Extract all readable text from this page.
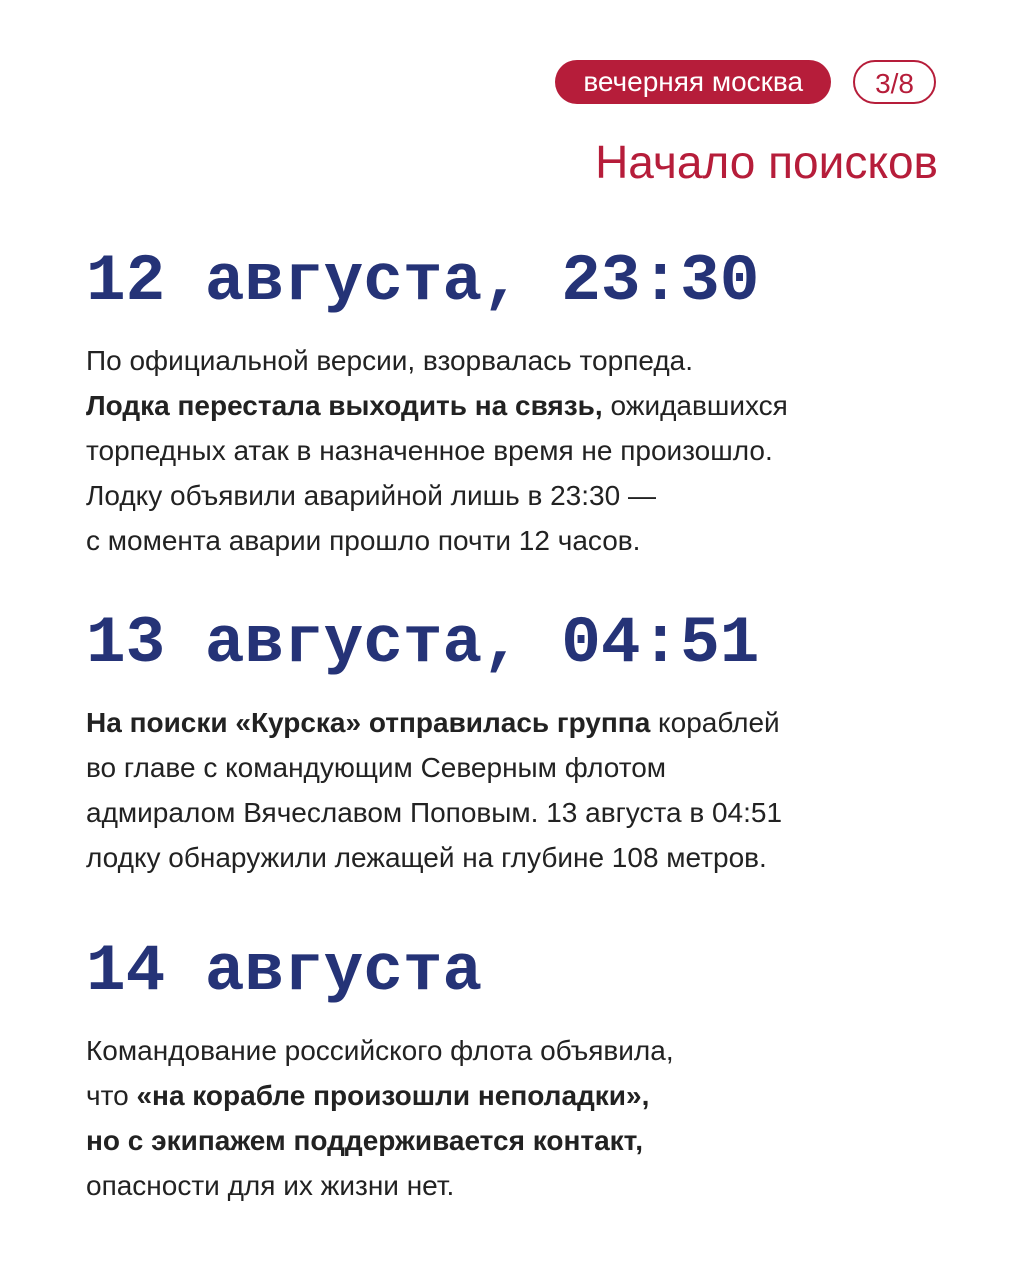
вечерняя москва	3/8
Начало поисков
12 августа, 23:30

По официальной версии, взорвалась торпеда.
Лодка перестала выходить на связь, ожидавшихся
торпедных атак в назначенное время не произошло.
Лодку объявили аварийной лишь в 23:30 —
с момента аварии прошло почти 12 часов.

13 августа, 04:51

На поиски «Курска» отправилась группа кораблей
во главе с командующим Северным флотом
адмиралом Вячеславом Поповым. 13 августа в 04:51
лодку обнаружили лежащей на глубине 108 метров.

14 августа

Командование российского флота объявила,
что «на корабле произошли неполадки»,
но с экипажем поддерживается контакт,
опасности для их жизни нет.
